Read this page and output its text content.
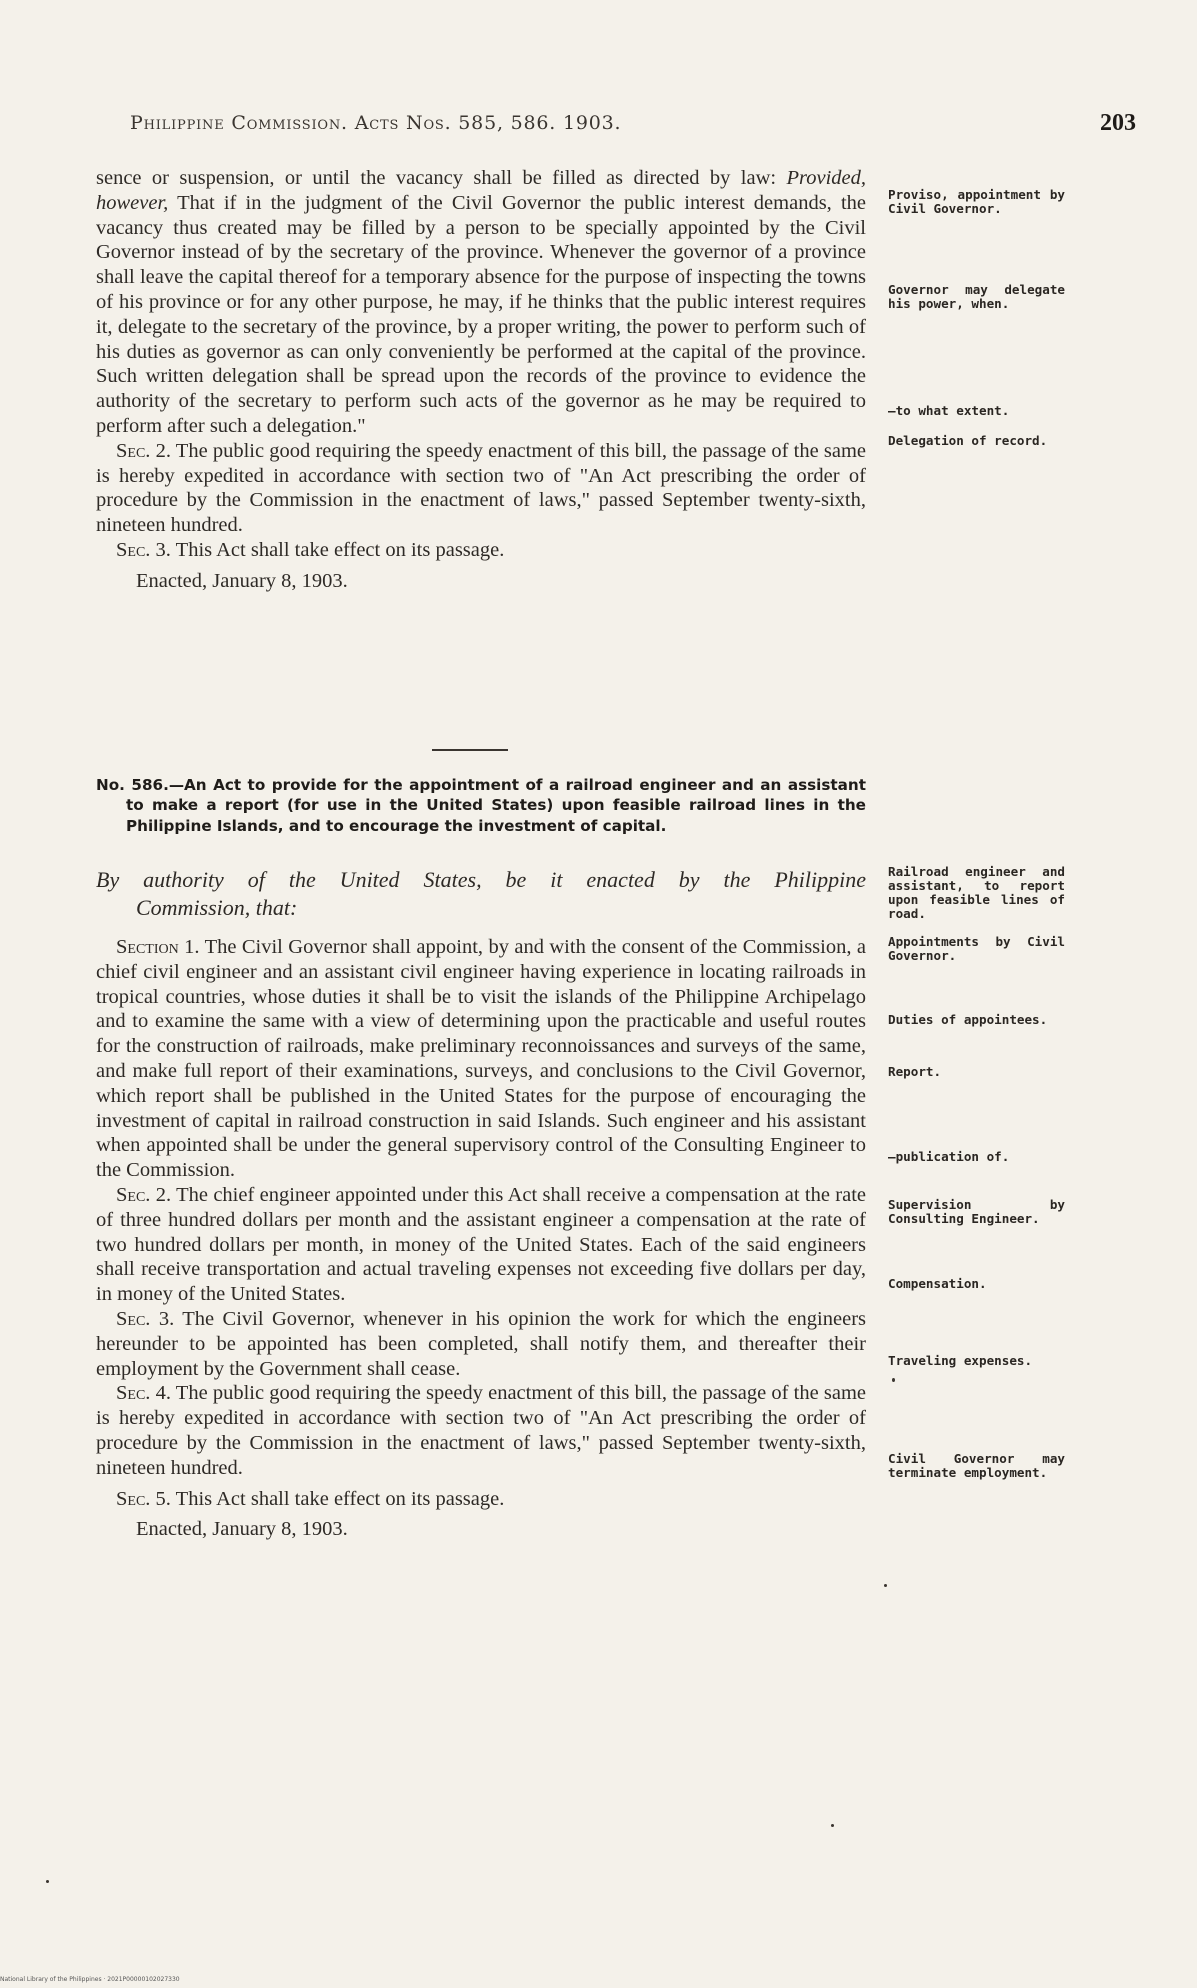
Philippine Commission. Acts Nos. 585, 586. 1903.	203

sence or suspension, or until the vacancy shall be filled as directed by law: Provided, however, That if in the judgment of the Civil Governor the public interest demands, the vacancy thus created may be filled by a person to be specially appointed by the Civil Governor instead of by the secretary of the province. Whenever the governor of a province shall leave the capital thereof for a temporary absence for the purpose of inspecting the towns of his province or for any other purpose, he may, if he thinks that the public interest requires it, delegate to the secretary of the province, by a proper writing, the power to perform such of his duties as governor as can only conveniently be performed at the capital of the province. Such written delegation shall be spread upon the records of the province to evidence the authority of the secretary to perform such acts of the governor as he may be required to perform after such a delegation."

Sec. 2. The public good requiring the speedy enactment of this bill, the passage of the same is hereby expedited in accordance with section two of "An Act prescribing the order of procedure by the Commission in the enactment of laws," passed September twenty-sixth, nineteen hundred.

Sec. 3. This Act shall take effect on its passage.

Enacted, January 8, 1903.

No. 586.—An Act to provide for the appointment of a railroad engineer and an assistant to make a report (for use in the United States) upon feasible railroad lines in the Philippine Islands, and to encourage the investment of capital.
By authority of the United States, be it enacted by the Philippine
Commission, that:

Section 1. The Civil Governor shall appoint, by and with the consent of the Commission, a chief civil engineer and an assistant civil engineer having experience in locating railroads in tropical countries, whose duties it shall be to visit the islands of the Philippine Archipelago and to examine the same with a view of determining upon the practicable and useful routes for the construction of railroads, make preliminary reconnoissances and surveys of the same, and make full report of their examinations, surveys, and conclusions to the Civil Governor, which report shall be published in the United States for the purpose of encouraging the investment of capital in railroad construction in said Islands. Such engineer and his assistant when appointed shall be under the general supervisory control of the Consulting Engineer to the Commission.

Sec. 2. The chief engineer appointed under this Act shall receive a compensation at the rate of three hundred dollars per month and the assistant engineer a compensation at the rate of two hundred dollars per month, in money of the United States. Each of the said engineers shall receive transportation and actual traveling expenses not exceeding five dollars per day, in money of the United States.

Sec. 3. The Civil Governor, whenever in his opinion the work for which the engineers hereunder to be appointed has been completed, shall notify them, and thereafter their employment by the Government shall cease.

Sec. 4. The public good requiring the speedy enactment of this bill, the passage of the same is hereby expedited in accordance with section two of "An Act prescribing the order of procedure by the Commission in the enactment of laws," passed September twenty-sixth, nineteen hundred.

Sec. 5. This Act shall take effect on its passage.

Enacted, January 8, 1903.

Proviso, appointment by Civil Governor.
Governor may delegate his power, when.
—to what extent.
Delegation of record.
Railroad engineer and assistant, to report upon feasible lines of road.
Appointments by Civil Governor.
Duties of appointees.
Report.
—publication of.
Supervision by Consulting Engineer.
Compensation.
Traveling expenses.
Civil Governor may terminate employment.
National Library of the Philippines · 2021P00000102027330
